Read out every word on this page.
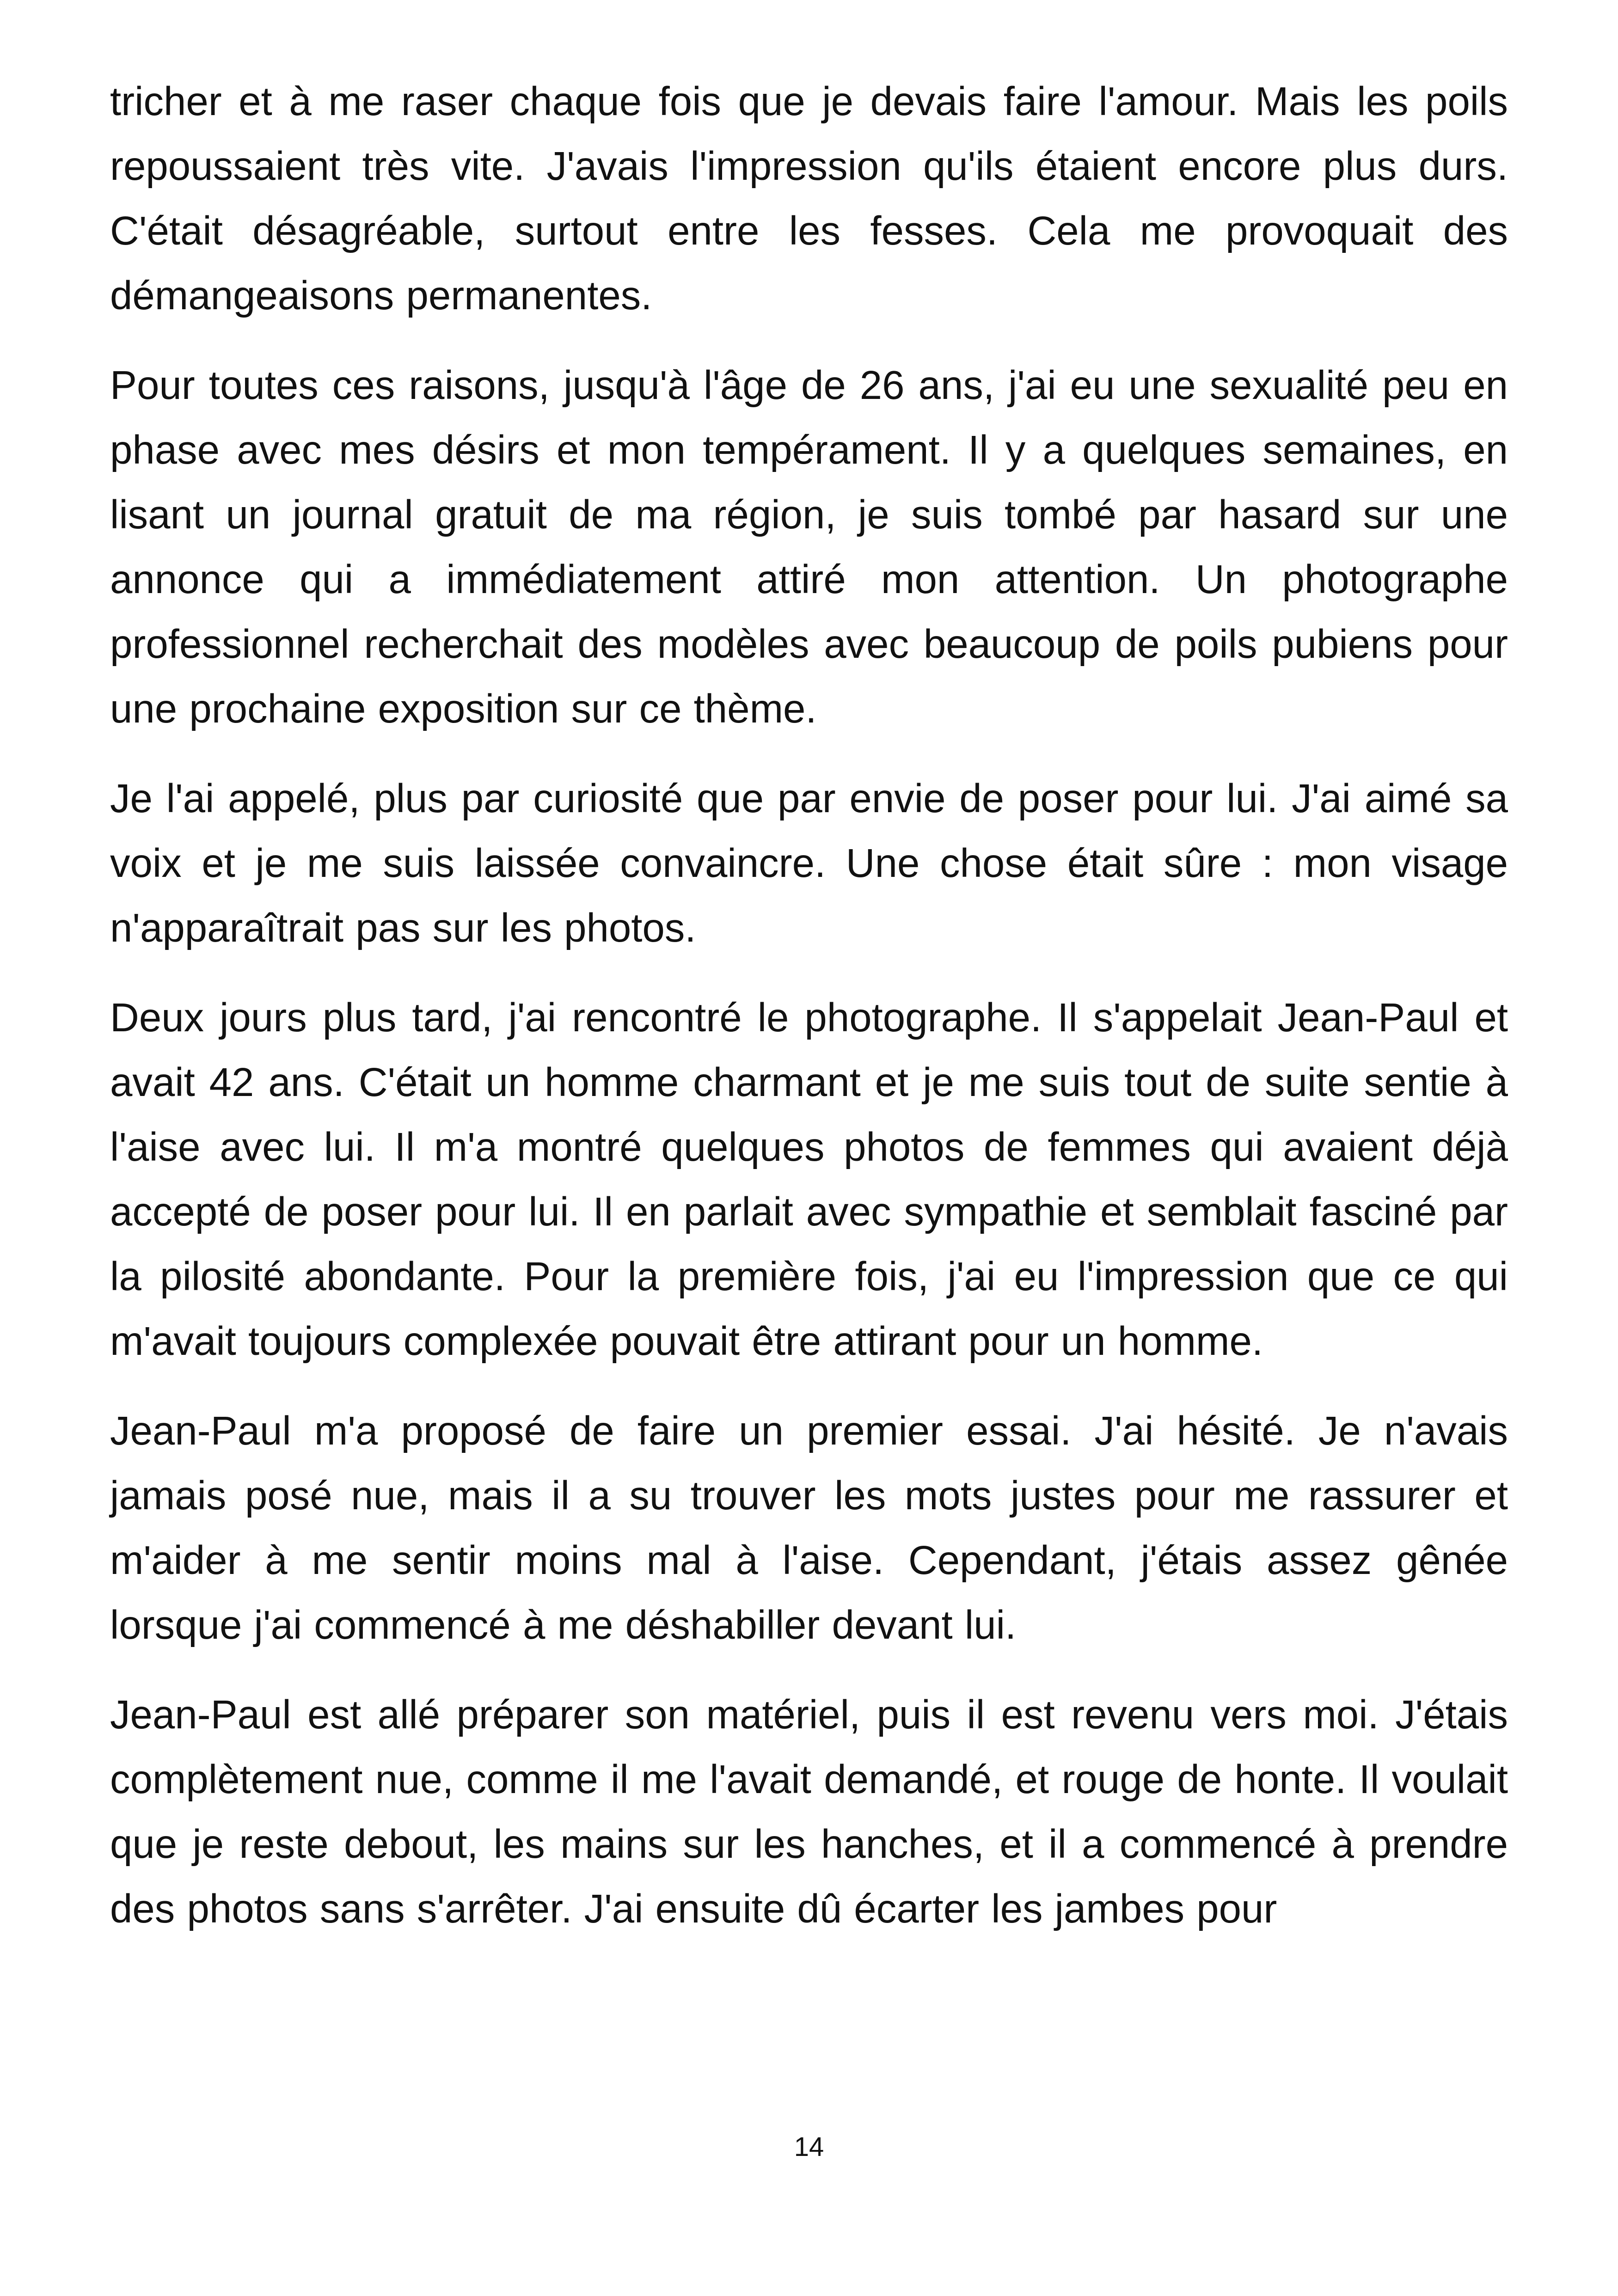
tricher et à me raser chaque fois que je devais faire l'amour. Mais les poils repoussaient très vite. J'avais l'impression qu'ils étaient encore plus durs. C'était désagréable, surtout entre les fesses. Cela me provoquait des démangeaisons permanentes.

Pour toutes ces raisons, jusqu'à l'âge de 26 ans, j'ai eu une sexualité peu en phase avec mes désirs et mon tempérament. Il y a quelques semaines, en lisant un journal gratuit de ma région, je suis tombé par hasard sur une annonce qui a immédiatement attiré mon attention. Un photographe professionnel recherchait des modèles avec beaucoup de poils pubiens pour une prochaine exposition sur ce thème.

Je l'ai appelé, plus par curiosité que par envie de poser pour lui. J'ai aimé sa voix et je me suis laissée convaincre. Une chose était sûre : mon visage n'apparaîtrait pas sur les photos.

Deux jours plus tard, j'ai rencontré le photographe. Il s'appelait Jean-Paul et avait 42 ans. C'était un homme charmant et je me suis tout de suite sentie à l'aise avec lui. Il m'a montré quelques photos de femmes qui avaient déjà accepté de poser pour lui. Il en parlait avec sympathie et semblait fasciné par la pilosité abondante. Pour la première fois, j'ai eu l'impression que ce qui m'avait toujours complexée pouvait être attirant pour un homme.

Jean-Paul m'a proposé de faire un premier essai. J'ai hésité. Je n'avais jamais posé nue, mais il a su trouver les mots justes pour me rassurer et m'aider à me sentir moins mal à l'aise. Cependant, j'étais assez gênée lorsque j'ai commencé à me déshabiller devant lui.

Jean-Paul est allé préparer son matériel, puis il est revenu vers moi. J'étais complètement nue, comme il me l'avait demandé, et rouge de honte. Il voulait que je reste debout, les mains sur les hanches, et il a commencé à prendre des photos sans s'arrêter. J'ai ensuite dû écarter les jambes pour

14
